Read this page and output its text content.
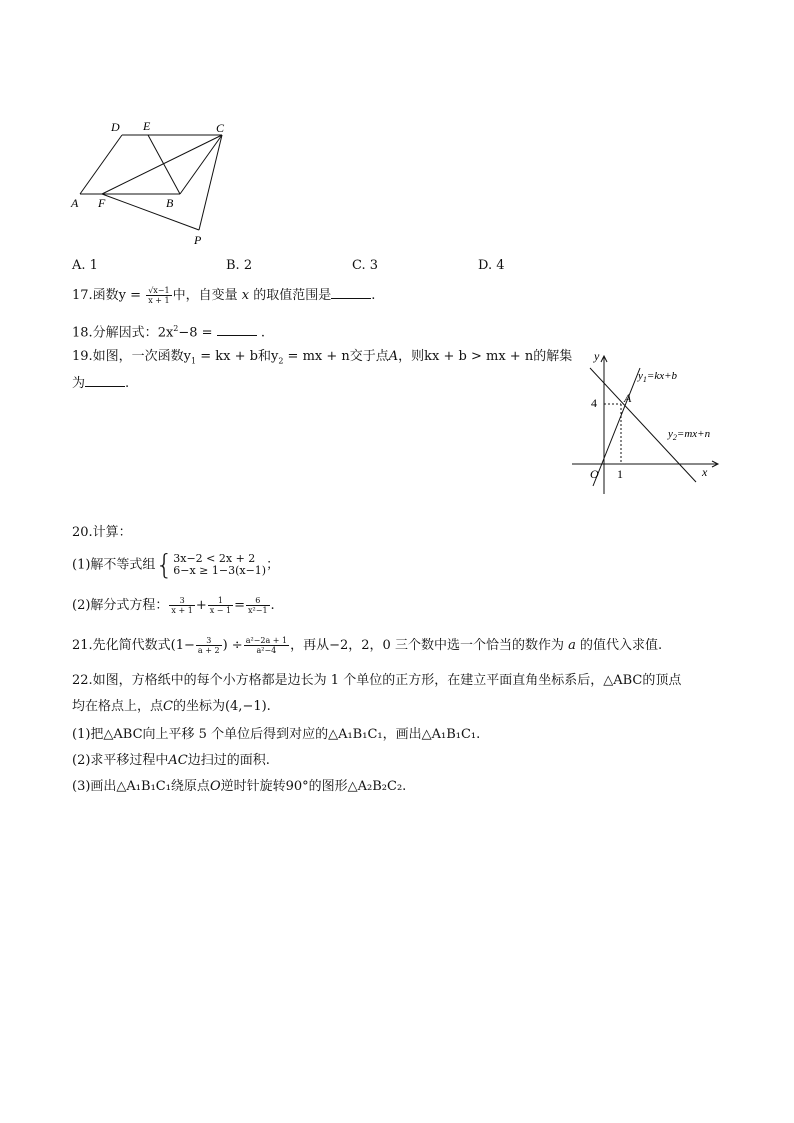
D E	C
A F	B
P
A. 1	B. 2	C. 3	D. 4
17.函数$y = \frac{√x-1}{x + 1}$ 中，自变量 x 的取值范围是	.
18.分解因式：$2x^2-8$ =	.
19.如图，一次函数$y_1$ = kx + b和$y_2$ = mx + n交于点A，则kx + b > mx + n的解集
为	.
y
x
O 1
4 A
$y_1=kx+b$
$y_2=mx+n$
20.计算：
(1)解不等式组{ 3x−2 < 2x + 2
6−x ≥ 1−3(x−1) ；
(2)解分式方程： $\frac{3}{x + 1} + \frac{1}{x - 1} = \frac{6}{\text{x²−1}}$ .
21.先化简代数式($1- \frac{3}{a + 2}$ ) ÷ $\frac{\text{a²−2a + 1}}{\text{a²−4}}$ ，再从−2，2，0 三个数中选一个恰当的数作为 a 的值代入求值.
22.如图，方格纸中的每个小方格都是边长为 1 个单位的正方形，在建立平面直角坐标系后，△ABC的顶点
均在格点上，点C的坐标为(4,−1).
(1)把△ABC向上平移 5 个单位后得到对应的△A₁B₁C₁，画出△A₁B₁C₁.
(2)求平移过程中AC边扫过的面积.
(3)画出△A₁B₁C₁绕原点O逆时针旋转90°的图形△A₂B₂C₂.
